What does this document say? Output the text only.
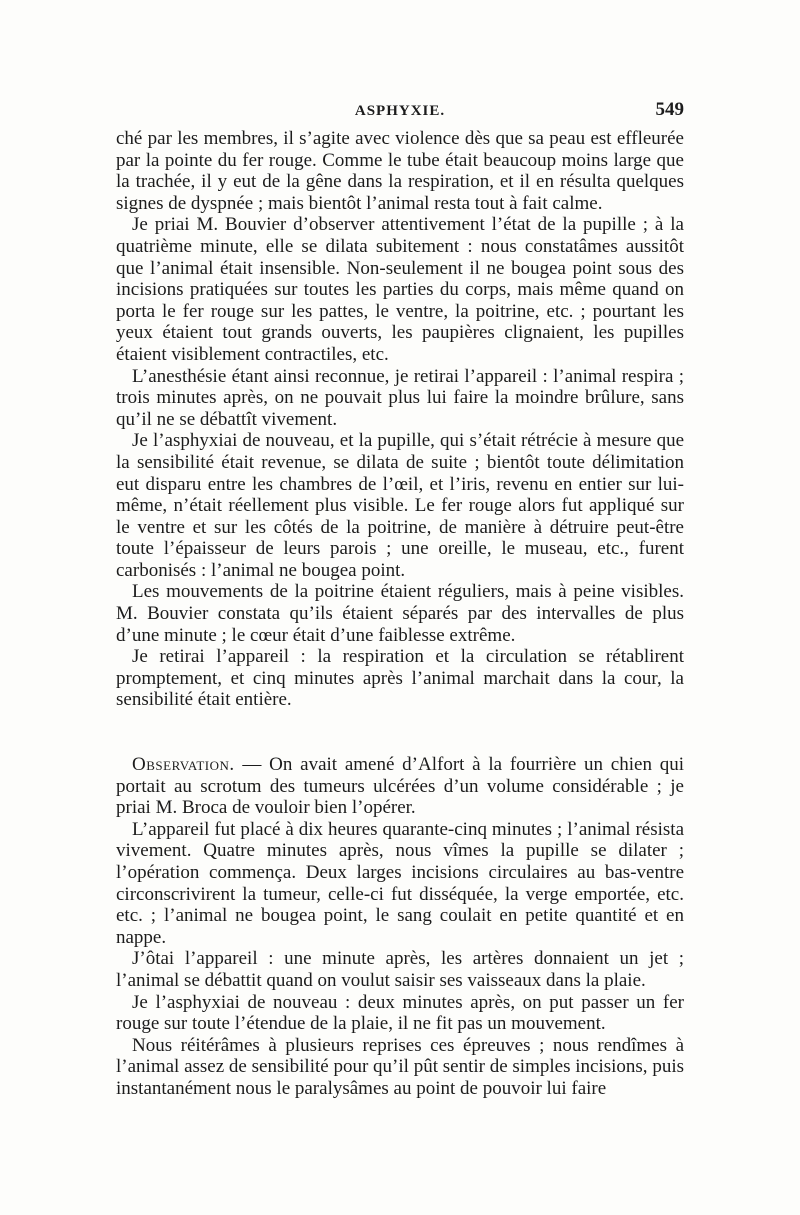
ASPHYXIE.	549

ché par les membres, il s’agite avec violence dès que sa peau est effleurée par la pointe du fer rouge. Comme le tube était beaucoup moins large que la trachée, il y eut de la gêne dans la respiration, et il en résulta quelques signes de dyspnée ; mais bientôt l’animal resta tout à fait calme.

Je priai M. Bouvier d’observer attentivement l’état de la pupille ; à la quatrième minute, elle se dilata subitement : nous constatâmes aussitôt que l’animal était insensible. Non-seulement il ne bougea point sous des incisions pratiquées sur toutes les parties du corps, mais même quand on porta le fer rouge sur les pattes, le ventre, la poitrine, etc. ; pourtant les yeux étaient tout grands ouverts, les paupières clignaient, les pupilles étaient visiblement contractiles, etc.

L’anesthésie étant ainsi reconnue, je retirai l’appareil : l’animal respira ; trois minutes après, on ne pouvait plus lui faire la moindre brûlure, sans qu’il ne se débattît vivement.

Je l’asphyxiai de nouveau, et la pupille, qui s’était rétrécie à mesure que la sensibilité était revenue, se dilata de suite ; bientôt toute délimitation eut disparu entre les chambres de l’œil, et l’iris, revenu en entier sur lui-même, n’était réellement plus visible. Le fer rouge alors fut appliqué sur le ventre et sur les côtés de la poitrine, de manière à détruire peut-être toute l’épaisseur de leurs parois ; une oreille, le museau, etc., furent carbonisés : l’animal ne bougea point.

Les mouvements de la poitrine étaient réguliers, mais à peine visibles. M. Bouvier constata qu’ils étaient séparés par des intervalles de plus d’une minute ; le cœur était d’une faiblesse extrême.

Je retirai l’appareil : la respiration et la circulation se rétablirent promptement, et cinq minutes après l’animal marchait dans la cour, la sensibilité était entière.

Observation. — On avait amené d’Alfort à la fourrière un chien qui portait au scrotum des tumeurs ulcérées d’un volume considérable ; je priai M. Broca de vouloir bien l’opérer.

L’appareil fut placé à dix heures quarante-cinq minutes ; l’animal résista vivement. Quatre minutes après, nous vîmes la pupille se dilater ; l’opération commença. Deux larges incisions circulaires au bas-ventre circonscrivirent la tumeur, celle-ci fut disséquée, la verge emportée, etc. etc. ; l’animal ne bougea point, le sang coulait en petite quantité et en nappe.

J’ôtai l’appareil : une minute après, les artères donnaient un jet ; l’animal se débattit quand on voulut saisir ses vaisseaux dans la plaie.

Je l’asphyxiai de nouveau : deux minutes après, on put passer un fer rouge sur toute l’étendue de la plaie, il ne fit pas un mouvement.

Nous réitérâmes à plusieurs reprises ces épreuves ; nous rendîmes à l’animal assez de sensibilité pour qu’il pût sentir de simples incisions, puis instantanément nous le paralysâmes au point de pouvoir lui faire
